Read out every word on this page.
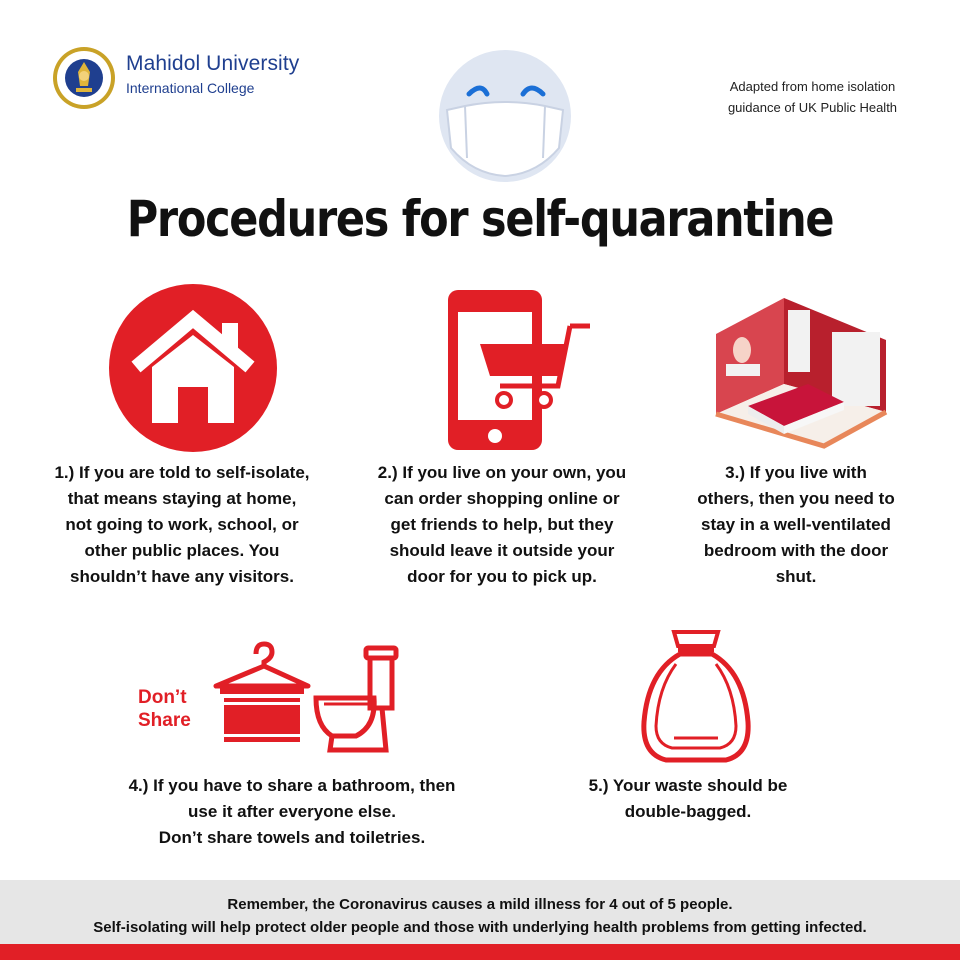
Mahidol University
International College	Adapted from home isolation
guidance of UK Public Health
Procedures for self-quarantine
1.) If you are told to self-isolate,
that means staying at home,
not going to work, school, or
other public places. You
shouldn’t have any visitors.
2.) If you live on your own, you
can order shopping online or
get friends to help, but they
should leave it outside your
door for you to pick up.
3.) If you live with
others, then you need to
stay in a well-ventilated
bedroom with the door
shut.
Don’t
Share
4.) If you have to share a bathroom, then
use it after everyone else.
Don’t share towels and toiletries.
5.) Your waste should be
double-bagged.
Remember, the Coronavirus causes a mild illness for 4 out of 5 people.
Self-isolating will help protect older people and those with underlying health problems from getting infected.
